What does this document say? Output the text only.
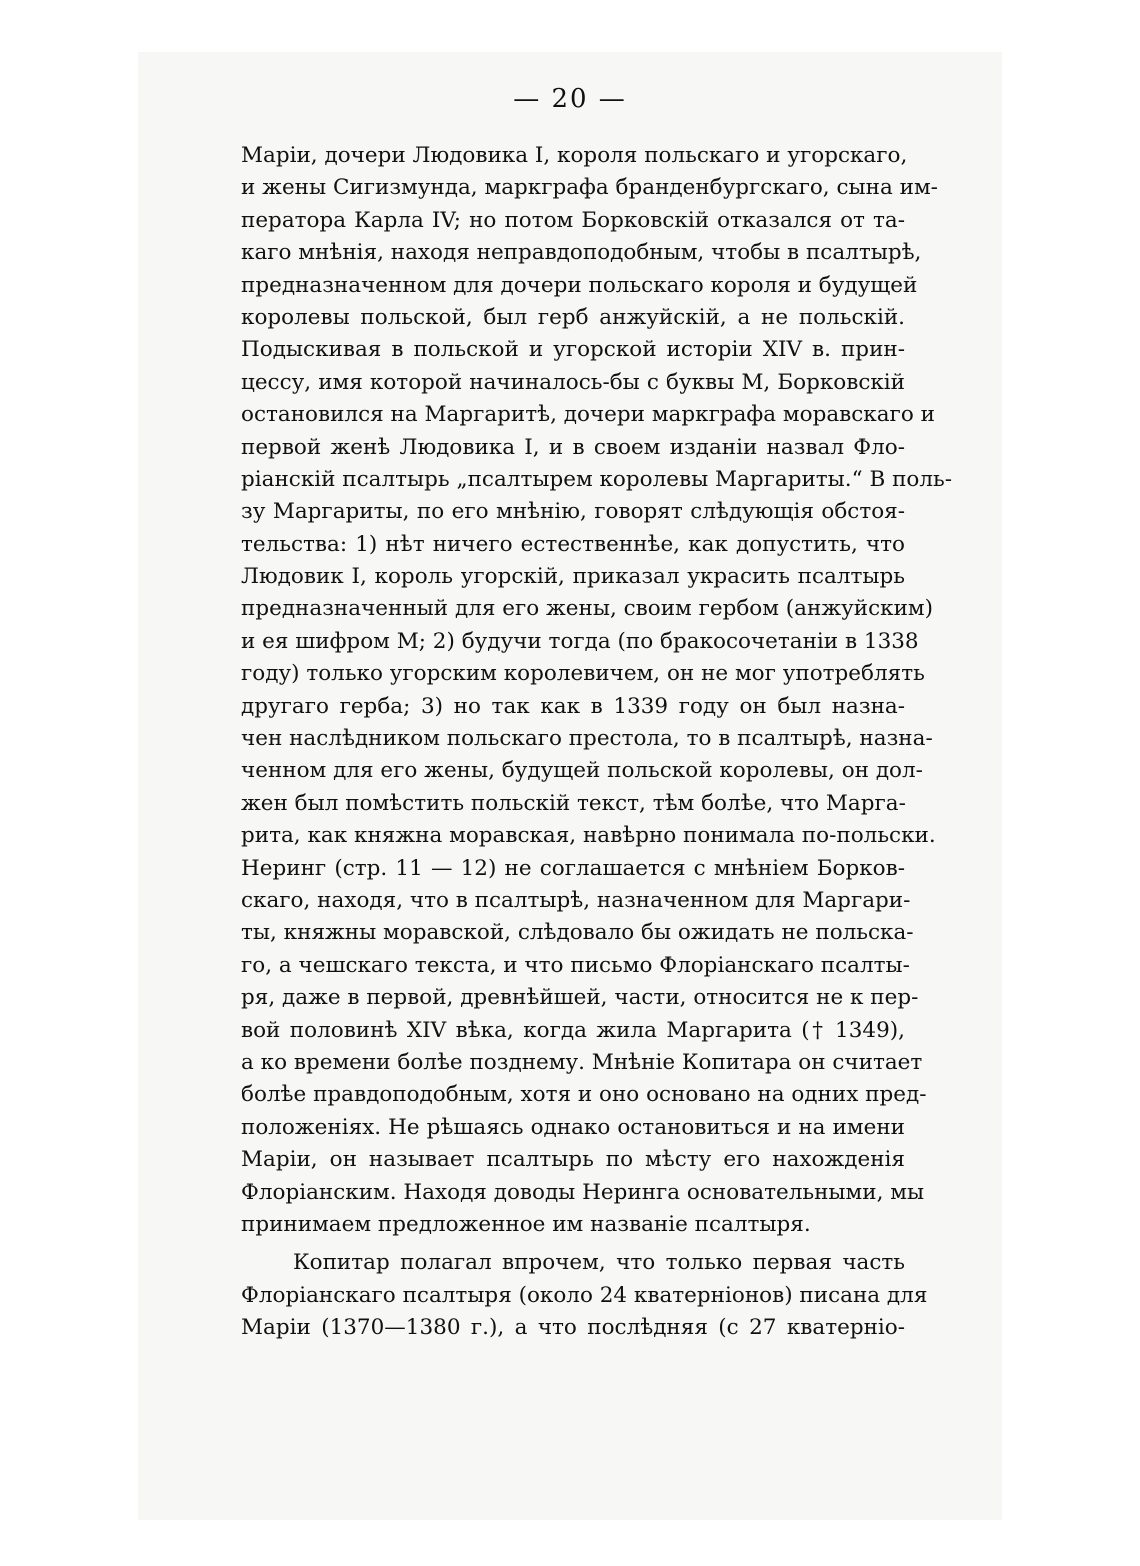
— 20 —
Маріи, дочери Людовика I, короля польскаго и угорскаго,
и жены Сигизмунда, маркграфа бранденбургскаго, сына им-
ператора Карла IV; но потом Борковскій отказался от та-
каго мнѣнія, находя неправдоподобным, чтобы в псалтырѣ,
предназначенном для дочери польскаго короля и будущей
королевы польской, был герб анжуйскій, а не польскій.
Подыскивая в польской и угорской исторіи XIV в. прин-
цессу, имя которой начиналось-бы с буквы М, Борковскій
остановился на Маргаритѣ, дочери маркграфа моравскаго и
первой женѣ Людовика I, и в своем изданіи назвал Фло-
ріанскій псалтырь „псалтырем королевы Маргариты.“ В поль-
зу Маргариты, по его мнѣнію, говорят слѣдующія обстоя-
тельства: 1) нѣт ничего естественнѣе, как допустить, что
Людовик I, король угорскій, приказал украсить псалтырь
предназначенный для его жены, своим гербом (анжуйским)
и ея шифром М; 2) будучи тогда (по бракосочетаніи в 1338
году) только угорским королевичем, он не мог употреблять
другаго герба; 3) но так как в 1339 году он был назна-
чен наслѣдником польскаго престола, то в псалтырѣ, назна-
ченном для его жены, будущей польской королевы, он дол-
жен был помѣстить польскій текст, тѣм болѣе, что Марга-
рита, как княжна моравская, навѣрно понимала по-польски.
Неринг (стр. 11 — 12) не соглашается с мнѣніем Борков-
скаго, находя, что в псалтырѣ, назначенном для Маргари-
ты, княжны моравской, слѣдовало бы ожидать не польска-
го, а чешскаго текста, и что письмо Флоріанскаго псалты-
ря, даже в первой, древнѣйшей, части, относится не к пер-
вой половинѣ XIV вѣка, когда жила Маргарита († 1349),
а ко времени болѣе позднему. Мнѣніе Копитара он считает
болѣе правдоподобным, хотя и оно основано на одних пред-
положеніях. Не рѣшаясь однако остановиться и на имени
Маріи, он называет псалтырь по мѣсту его нахожденія
Флоріанским. Находя доводы Неринга основательными, мы
принимаем предложенное им названіе псалтыря.
Копитар полагал впрочем, что только первая часть
Флоріанскаго псалтыря (около 24 кватерніонов) писана для
Маріи (1370—1380 г.), а что послѣдняя (с 27 кватерніо-
